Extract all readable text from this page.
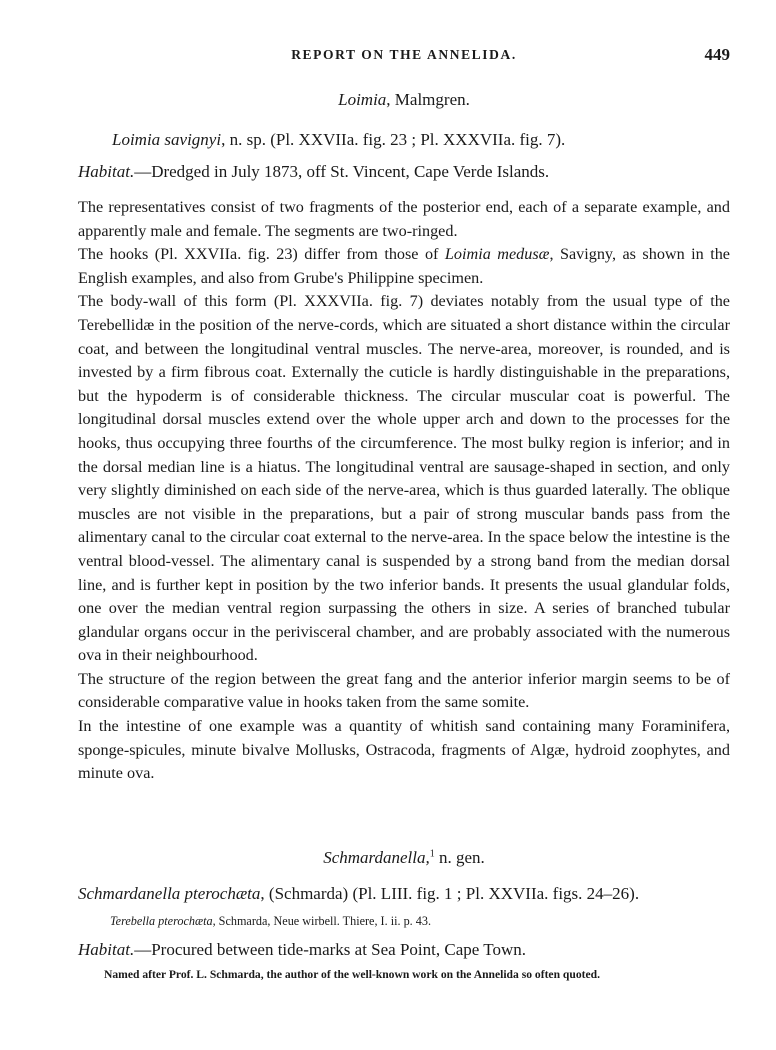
REPORT ON THE ANNELIDA.	449
Loimia, Malmgren.
Loimia savignyi, n. sp. (Pl. XXVIIa. fig. 23 ; Pl. XXXVIIa. fig. 7).
Habitat.—Dredged in July 1873, off St. Vincent, Cape Verde Islands.

The representatives consist of two fragments of the posterior end, each of a separate example, and apparently male and female. The segments are two-ringed.

The hooks (Pl. XXVIIa. fig. 23) differ from those of Loimia medusæ, Savigny, as shown in the English examples, and also from Grube's Philippine specimen.

The body-wall of this form (Pl. XXXVIIa. fig. 7) deviates notably from the usual type of the Terebellidæ in the position of the nerve-cords, which are situated a short distance within the circular coat, and between the longitudinal ventral muscles. The nerve-area, moreover, is rounded, and is invested by a firm fibrous coat. Externally the cuticle is hardly distinguishable in the preparations, but the hypoderm is of considerable thickness. The circular muscular coat is powerful. The longitudinal dorsal muscles extend over the whole upper arch and down to the processes for the hooks, thus occupying three fourths of the circumference. The most bulky region is inferior; and in the dorsal median line is a hiatus. The longitudinal ventral are sausage-shaped in section, and only very slightly diminished on each side of the nerve-area, which is thus guarded laterally. The oblique muscles are not visible in the preparations, but a pair of strong muscular bands pass from the alimentary canal to the circular coat external to the nerve-area. In the space below the intestine is the ventral blood-vessel. The alimentary canal is suspended by a strong band from the median dorsal line, and is further kept in position by the two inferior bands. It presents the usual glandular folds, one over the median ventral region surpassing the others in size. A series of branched tubular glandular organs occur in the perivisceral chamber, and are probably associated with the numerous ova in their neighbourhood.

The structure of the region between the great fang and the anterior inferior margin seems to be of considerable comparative value in hooks taken from the same somite.

In the intestine of one example was a quantity of whitish sand containing many Foraminifera, sponge-spicules, minute bivalve Mollusks, Ostracoda, fragments of Algæ, hydroid zoophytes, and minute ova.

Schmardanella,$^1$ n. gen.
Schmardanella pterochæta, (Schmarda) (Pl. LIII. fig. 1 ; Pl. XXVIIa. figs. 24–26).
Terebella pterochæta, Schmarda, Neue wirbell. Thiere, I. ii. p. 43.
Habitat.—Procured between tide-marks at Sea Point, Cape Town.
Named after Prof. L. Schmarda, the author of the well-known work on the Annelida so often quoted.
